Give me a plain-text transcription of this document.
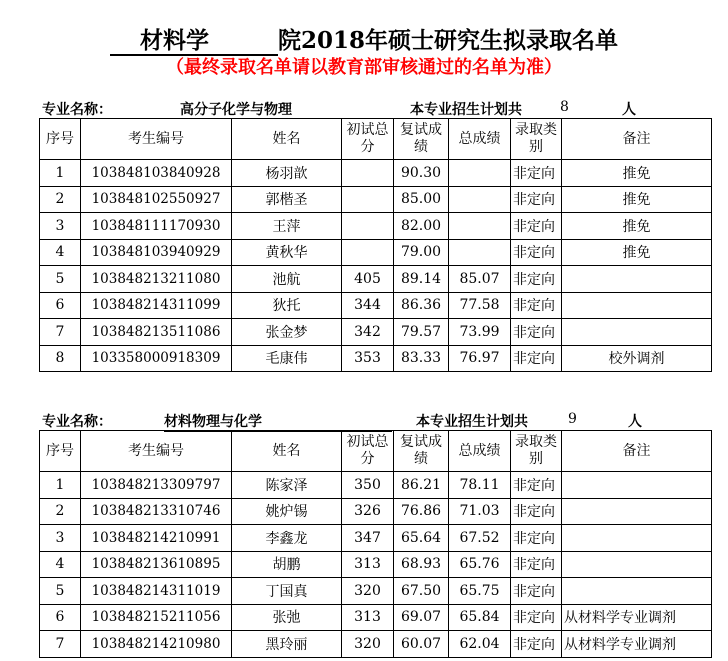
材料学	院2018年硕士研究生拟录取名单
（最终录取名单请以教育部审核通过的名单为准）
专业名称：	高分子化学与物理	本专业招生计划共	8	人
序号	考生编号	姓名	初试总分	复试成绩	总成绩	录取类别	备注
1	103848103840928	杨羽歆		90.30		非定向	推免
2	103848102550927	郭楷圣		85.00		非定向	推免
3	103848111170930	王萍		82.00		非定向	推免
4	103848103940929	黄秋华		79.00		非定向	推免
5	103848213211080	池航	405	89.14	85.07	非定向	
6	103848214311099	狄托	344	86.36	77.58	非定向	
7	103848213511086	张金梦	342	79.57	73.99	非定向	
8	103358000918309	毛康伟	353	83.33	76.97	非定向	校外调剂
专业名称：	材料物理与化学	本专业招生计划共	9	人
序号	考生编号	姓名	初试总分	复试成绩	总成绩	录取类别	备注
1	103848213309797	陈家泽	350	86.21	78.11	非定向	
2	103848213310746	姚炉锡	326	76.86	71.03	非定向	
3	103848214210991	李鑫龙	347	65.64	67.52	非定向	
4	103848213610895	胡鹏	313	68.93	65.76	非定向	
5	103848214311019	丁国真	320	67.50	65.75	非定向	
6	103848215211056	张弛	313	69.07	65.84	非定向	从材料学专业调剂
7	103848214210980	黑玲丽	320	60.07	62.04	非定向	从材料学专业调剂
